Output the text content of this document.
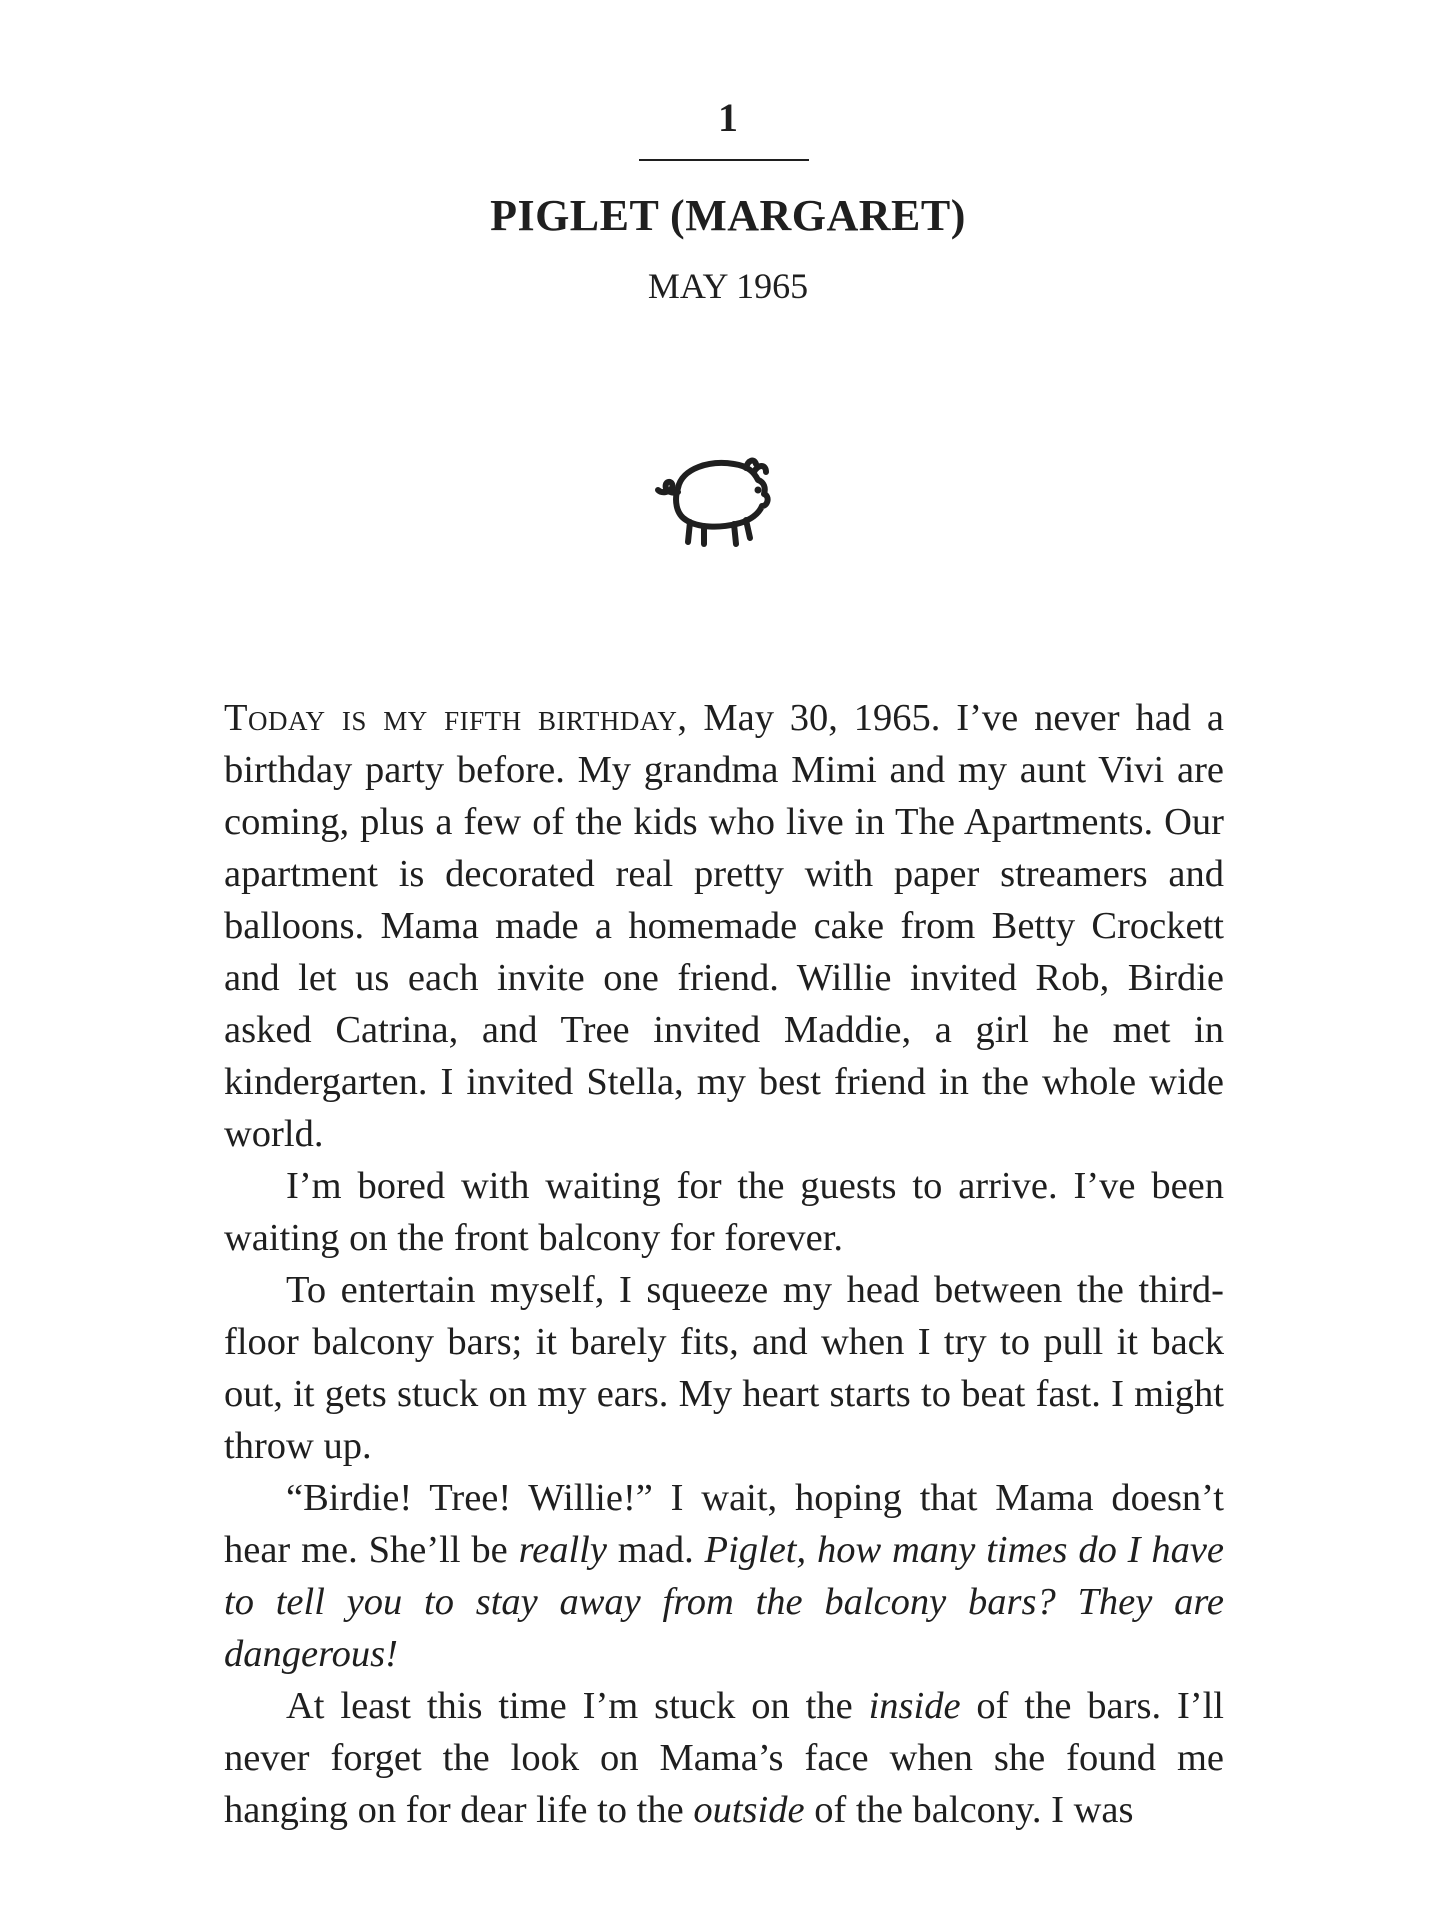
1
PIGLET (MARGARET)
MAY 1965

Today is my fifth birthday, May 30, 1965. I’ve never had a birthday party before. My grandma Mimi and my aunt Vivi are coming, plus a few of the kids who live in The Apartments. Our apartment is decorated real pretty with paper streamers and balloons. Mama made a homemade cake from Betty Crockett and let us each invite one friend. Willie invited Rob, Birdie asked Catrina, and Tree invited Maddie, a girl he met in kindergarten. I invited Stella, my best friend in the whole wide world.

I’m bored with waiting for the guests to arrive. I’ve been waiting on the front balcony for forever.

To entertain myself, I squeeze my head between the third-floor balcony bars; it barely fits, and when I try to pull it back out, it gets stuck on my ears. My heart starts to beat fast. I might throw up.

“Birdie! Tree! Willie!” I wait, hoping that Mama doesn’t hear me. She’ll be really mad. Piglet, how many times do I have to tell you to stay away from the balcony bars? They are dangerous!

At least this time I’m stuck on the inside of the bars. I’ll never forget the look on Mama’s face when she found me hanging on for dear life to the outside of the balcony. I was
